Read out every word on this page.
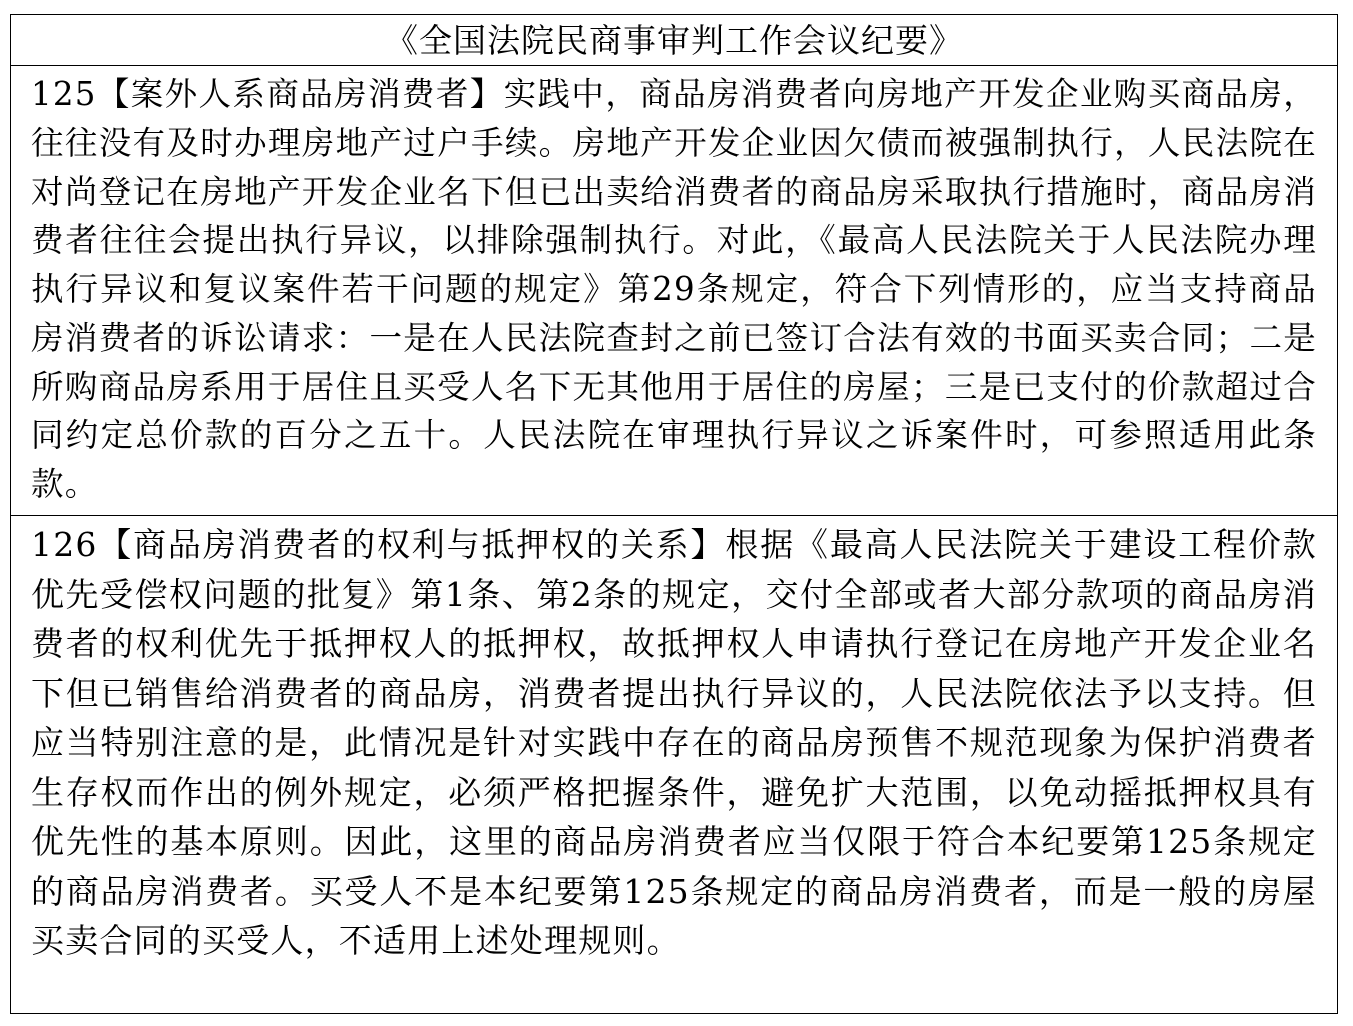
《全国法院民商事审判工作会议纪要》

125【案外人系商品房消费者】实践中，商品房消费者向房地产开发企业购买商品房，往往没有及时办理房地产过户手续。房地产开发企业因欠债而被强制执行，人民法院在对尚登记在房地产开发企业名下但已出卖给消费者的商品房采取执行措施时，商品房消费者往往会提出执行异议，以排除强制执行。对此，《最高人民法院关于人民法院办理执行异议和复议案件若干问题的规定》第29条规定，符合下列情形的，应当支持商品房消费者的诉讼请求：一是在人民法院查封之前已签订合法有效的书面买卖合同；二是所购商品房系用于居住且买受人名下无其他用于居住的房屋；三是已支付的价款超过合同约定总价款的百分之五十。人民法院在审理执行异议之诉案件时，可参照适用此条款。

126【商品房消费者的权利与抵押权的关系】根据《最高人民法院关于建设工程价款优先受偿权问题的批复》第1条、第2条的规定，交付全部或者大部分款项的商品房消费者的权利优先于抵押权人的抵押权，故抵押权人申请执行登记在房地产开发企业名下但已销售给消费者的商品房，消费者提出执行异议的，人民法院依法予以支持。但应当特别注意的是，此情况是针对实践中存在的商品房预售不规范现象为保护消费者生存权而作出的例外规定，必须严格把握条件，避免扩大范围，以免动摇抵押权具有优先性的基本原则。因此，这里的商品房消费者应当仅限于符合本纪要第125条规定的商品房消费者。买受人不是本纪要第125条规定的商品房消费者，而是一般的房屋买卖合同的买受人，不适用上述处理规则。
